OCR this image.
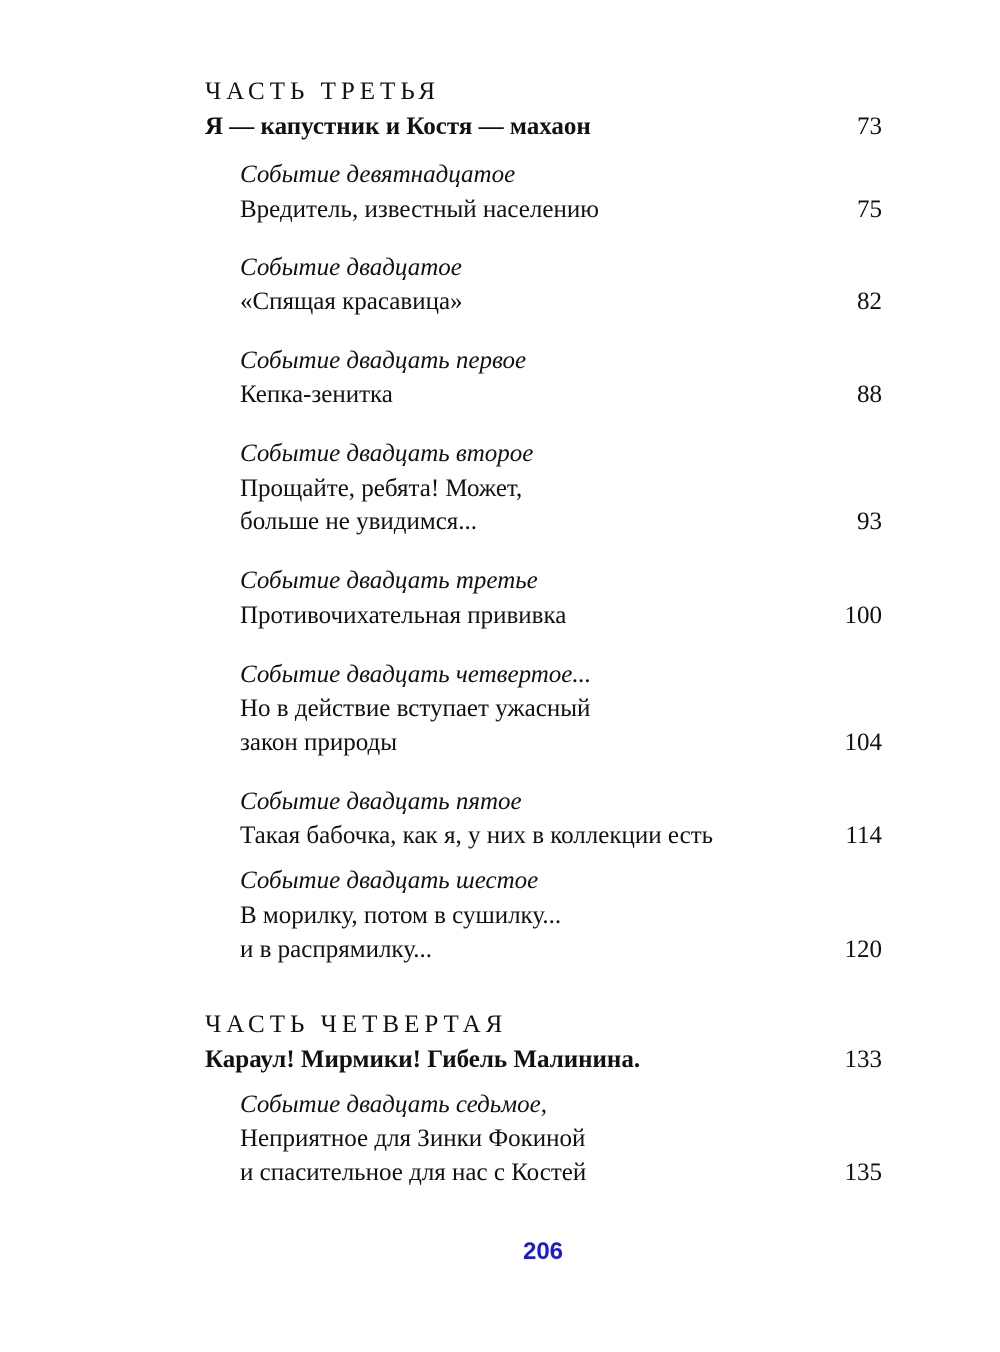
ЧАСТЬ ТРЕТЬЯ
Я — капустник и Костя — махаон	73
Событие девятнадцатое
Вредитель, известный населению	75
Событие двадцатое
«Спящая красавица»	82
Событие двадцать первое
Кепка-зенитка	88
Событие двадцать второе
Прощайте, ребята! Может,
больше не увидимся...	93
Событие двадцать третье
Противочихательная прививка	100
Событие двадцать четвертое...
Но в действие вступает ужасный
закон природы	104
Событие двадцать пятое
Такая бабочка, как я, у них в коллекции есть	114
Событие двадцать шестое
В морилку, потом в сушилку...
и в распрямилку...	120
ЧАСТЬ ЧЕТВЕРТАЯ
Караул! Мирмики! Гибель Малинина.	133
Событие двадцать седьмое,
Неприятное для Зинки Фокиной
и спасительное для нас с Костей	135
206
